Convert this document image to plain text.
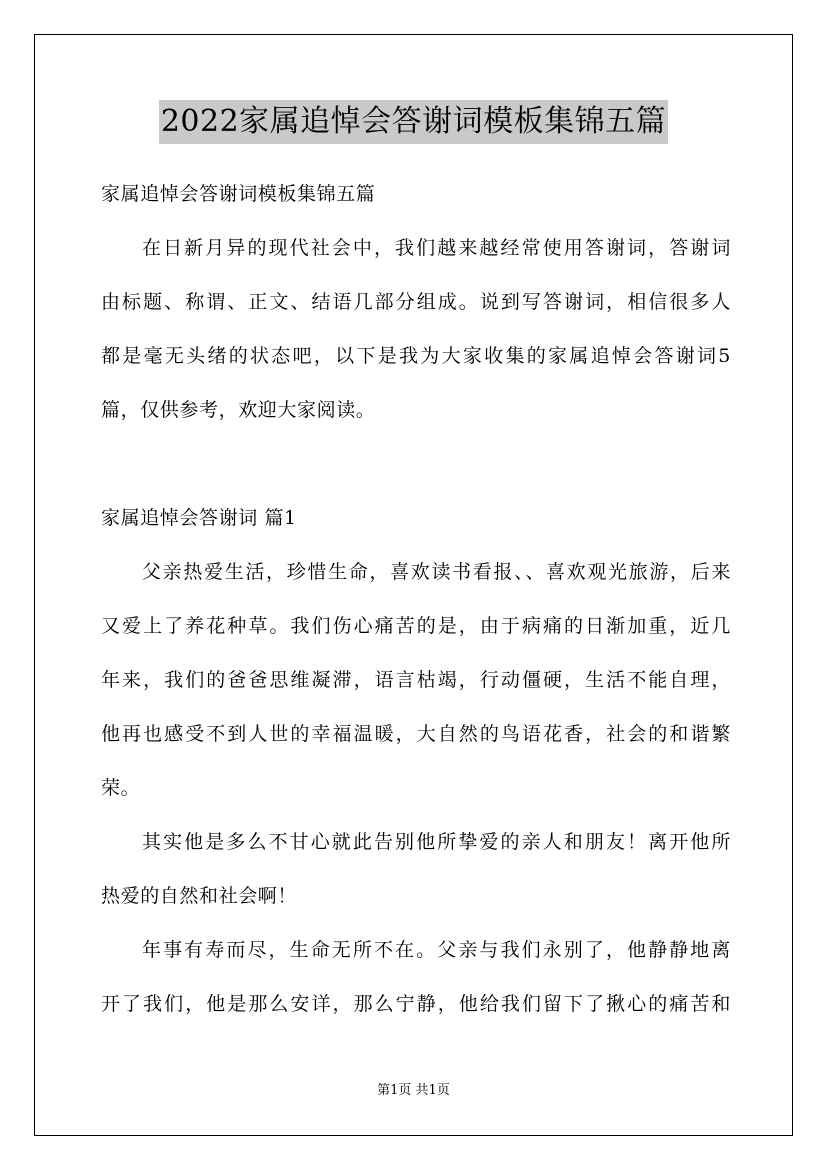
2022家属追悼会答谢词模板集锦五篇
家属追悼会答谢词模板集锦五篇
在日新月异的现代社会中，我们越来越经常使用答谢词，答谢词
由标题、称谓、正文、结语几部分组成。说到写答谢词，相信很多人
都是毫无头绪的状态吧，以下是我为大家收集的家属追悼会答谢词5
篇，仅供参考，欢迎大家阅读。
家属追悼会答谢词 篇1
父亲热爱生活，珍惜生命，喜欢读书看报、、喜欢观光旅游，后来
又爱上了养花种草。我们伤心痛苦的是，由于病痛的日渐加重，近几
年来，我们的爸爸思维凝滞，语言枯竭，行动僵硬，生活不能自理，
他再也感受不到人世的幸福温暖，大自然的鸟语花香，社会的和谐繁
荣。
其实他是多么不甘心就此告别他所挚爱的亲人和朋友！离开他所
热爱的自然和社会啊！
年事有寿而尽，生命无所不在。父亲与我们永别了，他静静地离
开了我们，他是那么安详，那么宁静，他给我们留下了揪心的痛苦和
第1页 共1页
